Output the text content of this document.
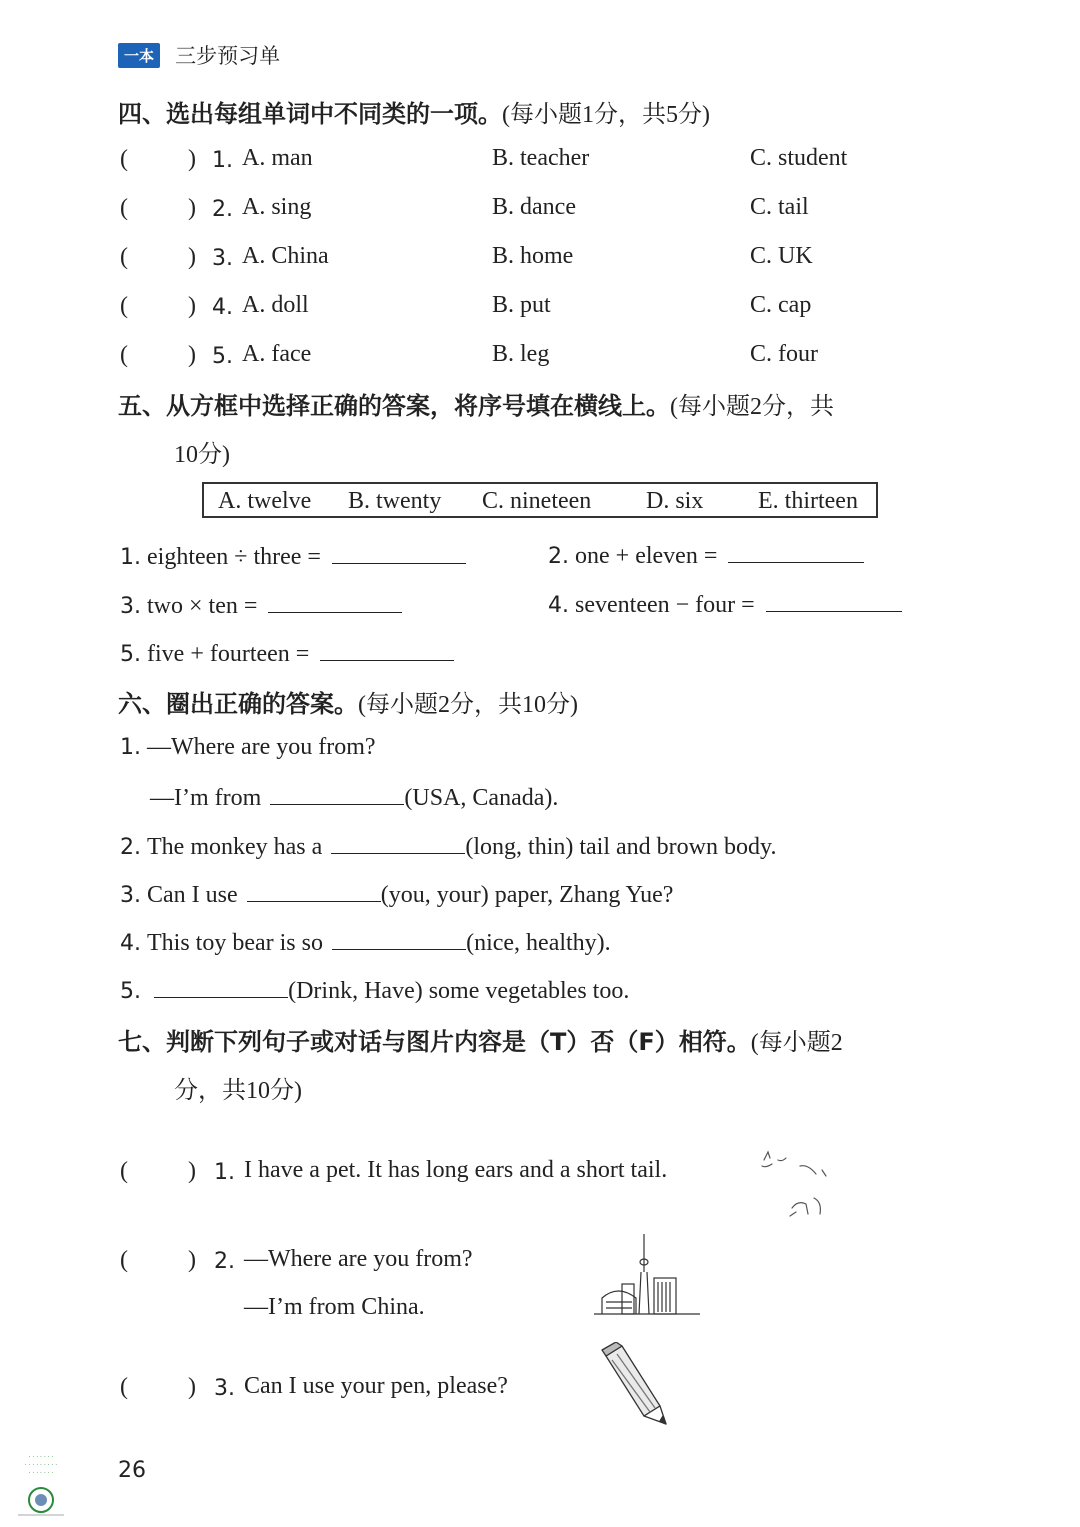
一本 三步预习单
四、选出每组单词中不同类的一项。(每小题1分，共5分)
(          ) 1. A. man	B. teacher	C. student
(          ) 2. A. sing	B. dance	C. tail
(          ) 3. A. China	B. home	C. UK
(          ) 4. A. doll	B. put	C. cap
(          ) 5. A. face	B. leg	C. four
五、从方框中选择正确的答案，将序号填在横线上。(每小题2分，共
10分)
A. twelve B. twenty C. nineteen D. six E. thirteen
1. eighteen ÷ three =	2. one + eleven =
3. two × ten =	4. seventeen − four =
5. five + fourteen =
六、圈出正确的答案。(每小题2分，共10分)
1. —Where are you from?
—I’m from	(USA, Canada).
2. The monkey has a	(long, thin) tail and brown body.
3. Can I use	(you, your) paper, Zhang Yue?
4. This toy bear is so	(nice, healthy).
5.	(Drink, Have) some vegetables too.
七、判断下列句子或对话与图片内容是（T）否（F）相符。(每小题2
分，共10分)
(          ) 1. I have a pet. It has long ears and a short tail.
(          ) 2. —Where are you from?
—I’m from China.
(          ) 3. Can I use your pen, please?
26
· · · · · · ·
· · · · · · · · ·
· · · · · · ·
